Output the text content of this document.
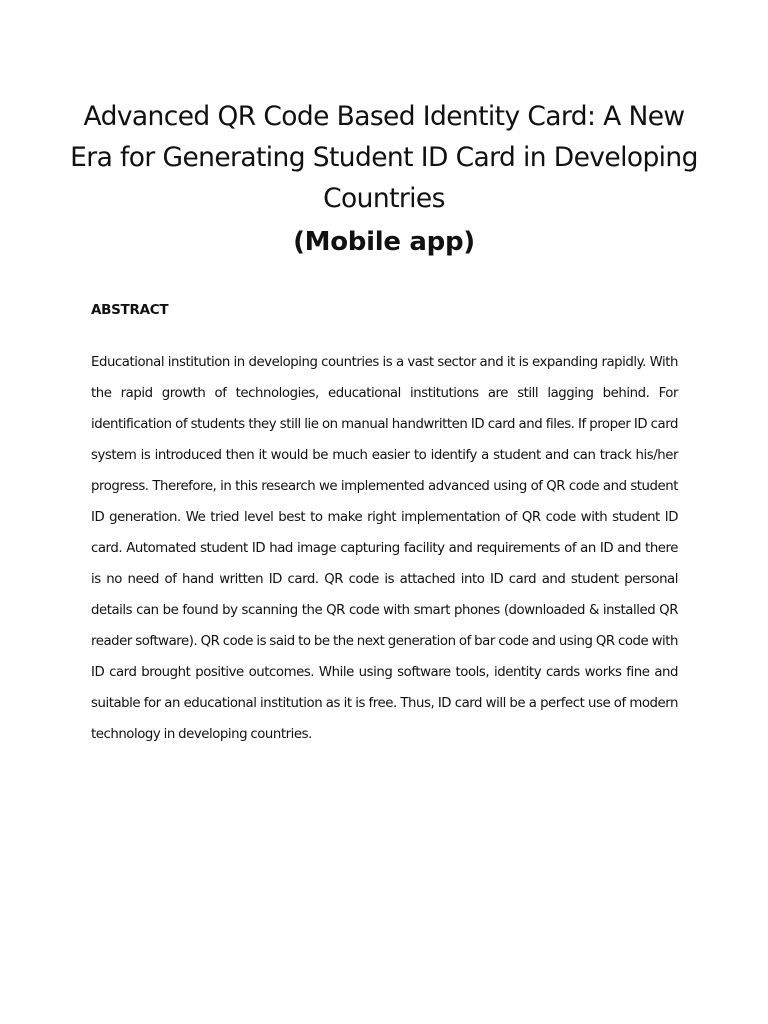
Advanced QR Code Based Identity Card: A New Era for Generating Student ID Card in Developing Countries
(Mobile app)
ABSTRACT

Educational institution in developing countries is a vast sector and it is expanding rapidly. With the rapid growth of technologies, educational institutions are still lagging behind. For identification of students they still lie on manual handwritten ID card and files. If proper ID card system is introduced then it would be much easier to identify a student and can track his/her progress. Therefore, in this research we implemented advanced using of QR code and student ID generation. We tried level best to make right implementation of QR code with student ID card. Automated student ID had image capturing facility and requirements of an ID and there is no need of hand written ID card. QR code is attached into ID card and student personal details can be found by scanning the QR code with smart phones (downloaded & installed QR reader software). QR code is said to be the next generation of bar code and using QR code with ID card brought positive outcomes. While using software tools, identity cards works fine and suitable for an educational institution as it is free. Thus, ID card will be a perfect use of modern technology in developing countries.
